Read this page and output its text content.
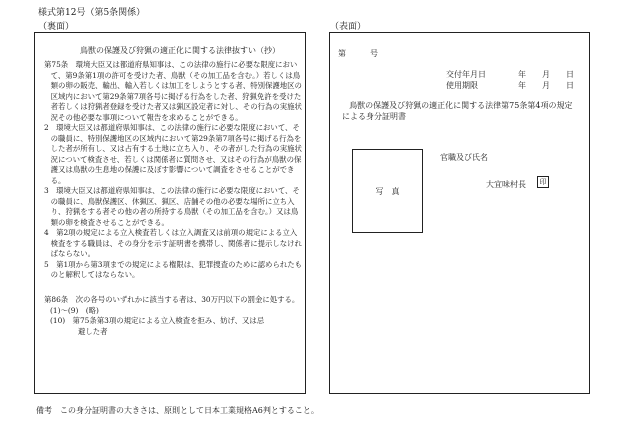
様式第12号（第5条関係）
（裏面）	（表面）
鳥獣の保護及び狩猟の適正化に関する法律抜すい（抄）

第75条　環境大臣又は都道府県知事は、この法律の施行に必要な限度において、第9条第1項の許可を受けた者、鳥獣（その加工品を含む。）若しくは鳥類の卵の販売、輸出、輸入若しくは加工をしようとする者、特別保護地区の区域内において第29条第7項各号に掲げる行為をした者、狩猟免許を受けた者若しくは狩猟者登録を受けた者又は猟区設定者に対し、その行為の実施状況その他必要な事項について報告を求めることができる。

2　環境大臣又は都道府県知事は、この法律の施行に必要な限度において、その職員に、特別保護地区の区域内において第29条第7項各号に掲げる行為をした者が所有し、又は占有する土地に立ち入り、その者がした行為の実施状況について検査させ、若しくは関係者に質問させ、又はその行為が鳥獣の保護又は鳥獣の生息地の保護に及ぼす影響について調査をさせることができる。

3　環境大臣又は都道府県知事は、この法律の施行に必要な限度において、その職員に、鳥獣保護区、休猟区、猟区、店舗その他の必要な場所に立ち入り、狩猟をする者その他の者の所持する鳥獣（その加工品を含む。）又は鳥類の卵を検査させることができる。

4　第2項の規定による立入検査若しくは立入調査又は前項の規定による立入検査をする職員は、その身分を示す証明書を携帯し、関係者に提示しなければならない。

5　第1項から第3項までの規定による権限は、犯罪捜査のために認められたものと解釈してはならない。

第86条　次の各号のいずれかに該当する者は、30万円以下の罰金に処する。

(1)～(9)　(略)

(10)　第75条第3項の規定による立入検査を拒み、妨げ、又は忌

避した者

第　　　号
交付年月日　　　　年　　月　　日
使用期限　　　　　年　　月　　日
鳥獣の保護及び狩猟の適正化に関する法律第75条第4項の規定による身分証明書
写　真
官職及び氏名
大宜味村長	印
備考　この身分証明書の大きさは、原則として日本工業規格A6判とすること。
